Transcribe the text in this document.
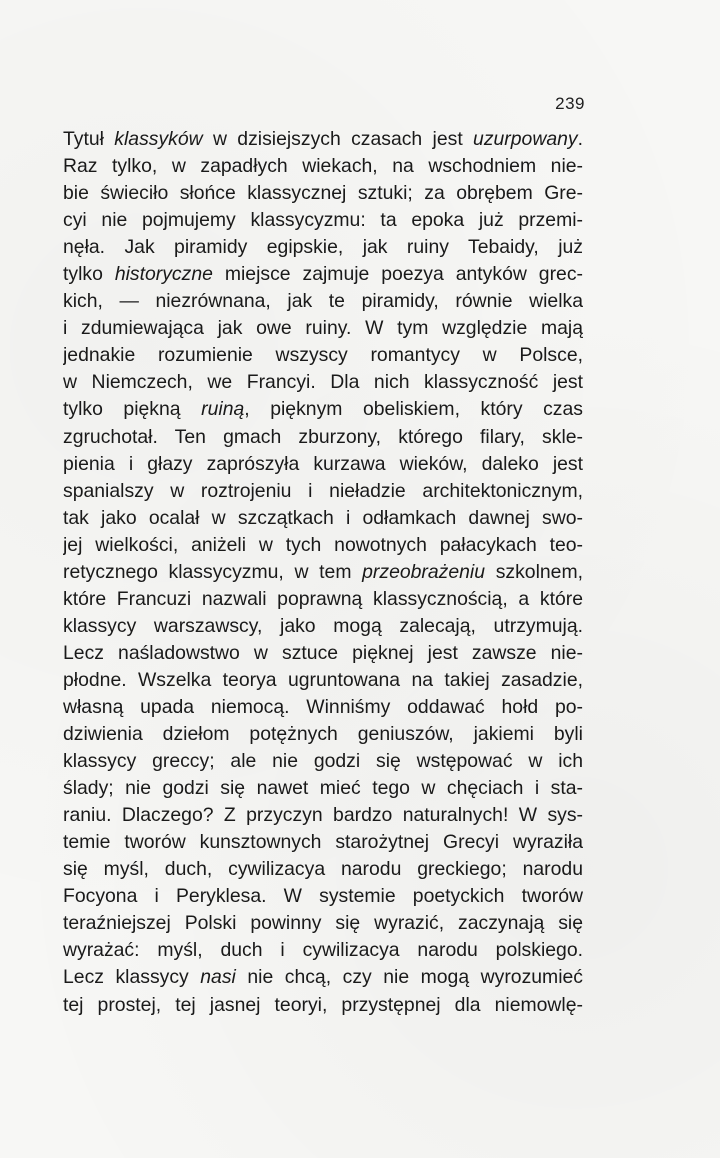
239
Tytuł klassyków w dzisiejszych czasach jest uzurpowany.
Raz tylko, w zapadłych wiekach, na wschodniem nie-
bie świeciło słońce klassycznej sztuki; za obrębem Gre-
cyi nie pojmujemy klassycyzmu: ta epoka już przemi-
nęła. Jak piramidy egipskie, jak ruiny Tebaidy, już
tylko historyczne miejsce zajmuje poezya antyków grec-
kich, — niezrównana, jak te piramidy, równie wielka
i zdumiewająca jak owe ruiny. W tym względzie mają
jednakie rozumienie wszyscy romantycy w Polsce,
w Niemczech, we Francyi. Dla nich klassyczność jest
tylko piękną ruiną, pięknym obeliskiem, który czas
zgruchotał. Ten gmach zburzony, którego filary, skle-
pienia i głazy zaprószyła kurzawa wieków, daleko jest
spanialszy w roztrojeniu i nieładzie architektonicznym,
tak jako ocalał w szczątkach i odłamkach dawnej swo-
jej wielkości, aniżeli w tych nowotnych pałacykach teo-
retycznego klassycyzmu, w tem przeobrażeniu szkolnem,
które Francuzi nazwali poprawną klassycznością, a które
klassycy warszawscy, jako mogą zalecają, utrzymują.
Lecz naśladowstwo w sztuce pięknej jest zawsze nie-
płodne. Wszelka teorya ugruntowana na takiej zasadzie,
własną upada niemocą. Winniśmy oddawać hołd po-
dziwienia dziełom potężnych geniuszów, jakiemi byli
klassycy greccy; ale nie godzi się wstępować w ich
ślady; nie godzi się nawet mieć tego w chęciach i sta-
raniu. Dlaczego? Z przyczyn bardzo naturalnych! W sys-
temie tworów kunsztownych starożytnej Grecyi wyraziła
się myśl, duch, cywilizacya narodu greckiego; narodu
Focyona i Peryklesa. W systemie poetyckich tworów
teraźniejszej Polski powinny się wyrazić, zaczynają się
wyrażać: myśl, duch i cywilizacya narodu polskiego.
Lecz klassycy nasi nie chcą, czy nie mogą wyrozumieć
tej prostej, tej jasnej teoryi, przystępnej dla niemowlę-
